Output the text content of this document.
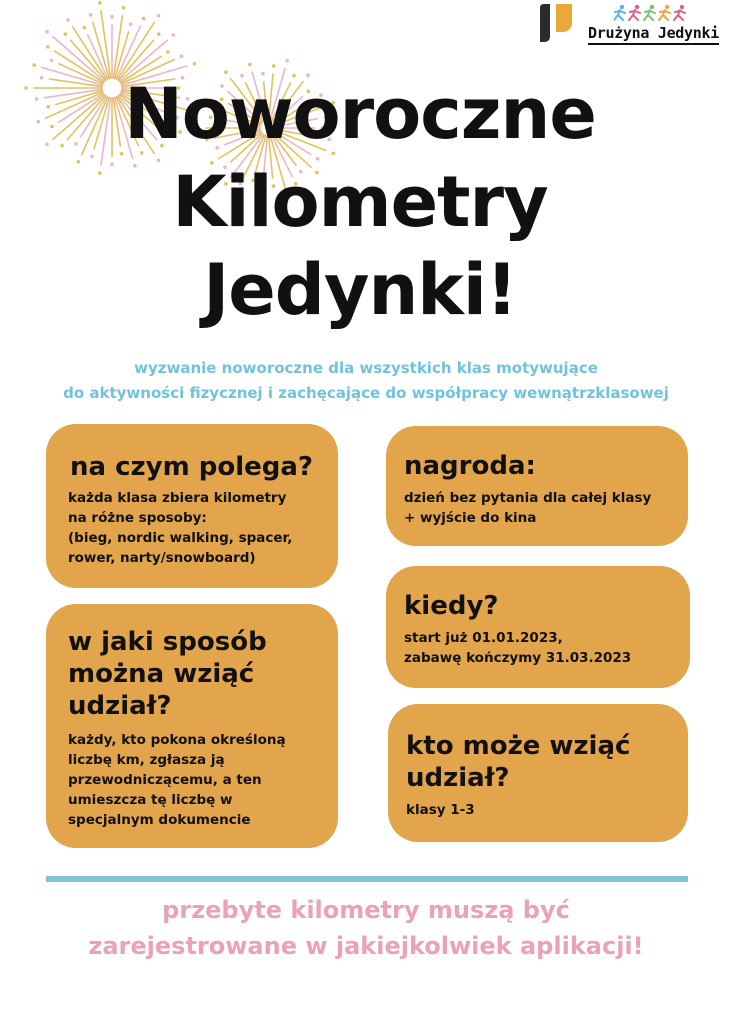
Drużyna Jedynki
Noworoczne
Kilometry
Jedynki!
wyzwanie noworoczne dla wszystkich klas motywujące
do aktywności fizycznej i zachęcające do współpracy wewnątrzklasowej
na czym polega?
każda klasa zbiera kilometry
na różne sposoby:
(bieg, nordic walking, spacer,
rower, narty/snowboard)
w jaki sposób
można wziąć
udział?
każdy, kto pokona określoną
liczbę km, zgłasza ją
przewodniczącemu, a ten
umieszcza tę liczbę w
specjalnym dokumencie
nagroda:
dzień bez pytania dla całej klasy
+ wyjście do kina
kiedy?
start już 01.01.2023,
zabawę kończymy 31.03.2023
kto może wziąć
udział?
klasy 1-3
przebyte kilometry muszą być
zarejestrowane w jakiejkolwiek aplikacji!
